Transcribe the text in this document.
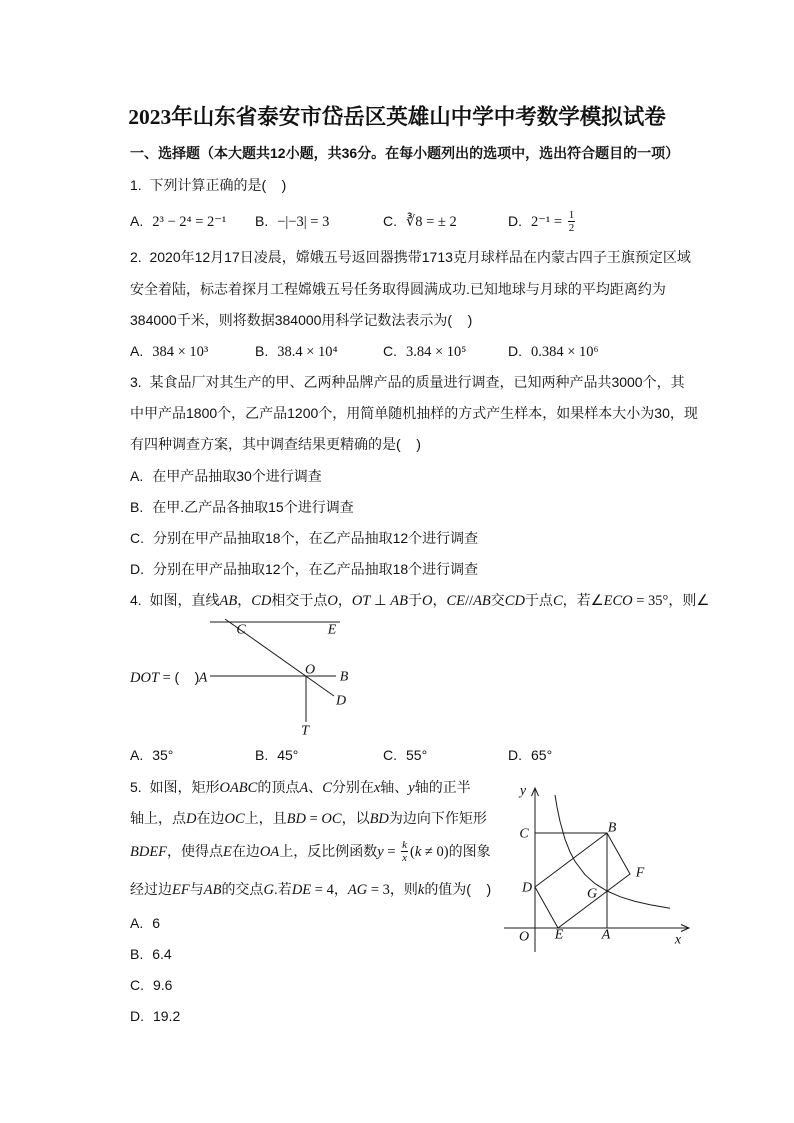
2023年山东省泰安市岱岳区英雄山中学中考数学模拟试卷
一、选择题（本大题共12小题，共36分。在每小题列出的选项中，选出符合题目的一项）
1.  下列计算正确的是(    )
A. 2³ − 2⁴ = 2⁻¹ B. −|−3| = 3	C. ∛8 = ± 2	D. $2^{-1} = \frac{1}{2}$
2.  2020年12月17日凌晨，嫦娥五号返回器携带1713克月球样品在内蒙古四子王旗预定区域
安全着陆，标志着探月工程嫦娥五号任务取得圆满成功.已知地球与月球的平均距离约为
384000千米，则将数据384000用科学记数法表示为(    )
A. 384 × 10³	B. 38.4 × 10⁴	C. 3.84 × 10⁵	D. 0.384 × 10⁶
3.  某食品厂对其生产的甲、乙两种品牌产品的质量进行调查，已知两种产品共3000个，其
中甲产品1800个，乙产品1200个，用简单随机抽样的方式产生样本，如果样本大小为30，现
有四种调查方案，其中调查结果更精确的是(    )
A. 在甲产品抽取30个进行调查
B. 在甲.乙产品各抽取15个进行调查
C. 分别在甲产品抽取18个，在乙产品抽取12个进行调查
D. 分别在甲产品抽取12个，在乙产品抽取18个进行调查
4.  如图，直线AB，CD相交于点O，OT ⊥ AB于O，CE//AB交CD于点C，若∠ECO = 35°，则∠
DOT = (    )
C	E
O B
D
T
A
A. 35°	B. 45°	C. 55°	D. 65°
5.  如图，矩形OABC的顶点A、C分别在x轴、y轴的正半
轴上，点D在边OC上，且BD = OC，以BD为边向下作矩形
BDEF，使得点E在边OA上，反比例函数$y = \frac{k}{x} (k \ne 0)$的图象
经过边EF与AB的交点G.若DE = 4，AG = 3，则k的值为(    )
y
x
O
C	B
D	G
F
E	A
A. 6
B. 6.4
C. 9.6
D. 19.2
